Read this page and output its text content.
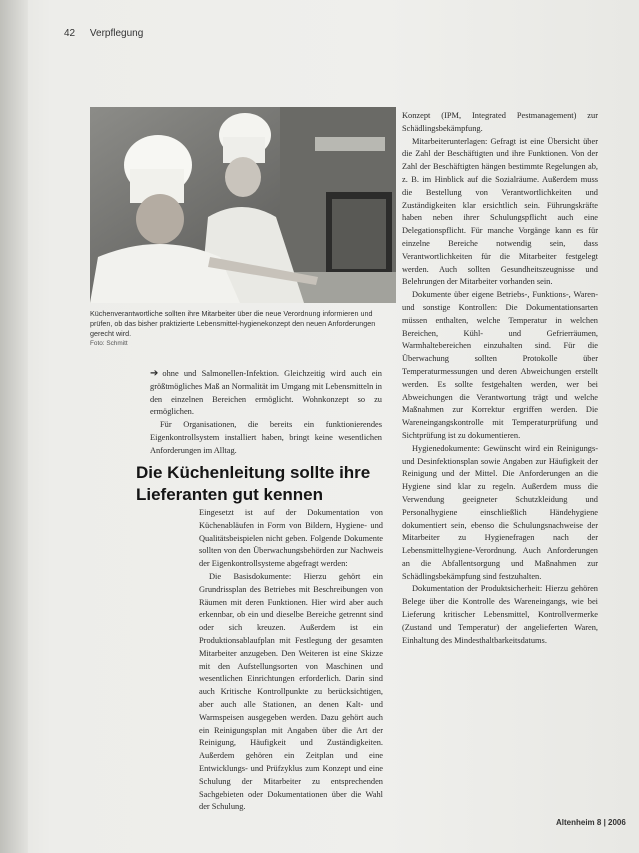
42 Verpflegung
Küchenverantwortliche sollten ihre Mitarbeiter über die neue Verordnung informieren und prüfen, ob das bisher praktizierte Lebensmittel-hygienekonzept den neuen Anforderungen gerecht wird.
Foto: Schmitt

➔ ohne und Salmonellen-Infektion. Gleichzeitig wird auch ein größtmögliches Maß an Normalität im Umgang mit Lebensmitteln in den einzelnen Bereichen ermöglicht. Wohnkonzept so zu ermöglichen.

Für Organisationen, die bereits ein funktionierendes Eigenkontrollsystem installiert haben, bringt keine wesentlichen Anforderungen im Alltag.

Die Küchenleitung sollte ihre Lieferanten gut kennen

Eingesetzt ist auf der Dokumentation von Küchenabläufen in Form von Bildern, Hygiene- und Qualitätsbeispielen nicht geben. Folgende Dokumente sollten von den Überwachungsbehörden zur Nachweis der Eigenkontrollsysteme abgefragt werden:

Die Basisdokumente: Hierzu gehört ein Grundrissplan des Betriebes mit Beschreibungen von Räumen mit deren Funktionen. Hier wird aber auch erkennbar, ob ein und dieselbe Bereiche getrennt sind oder sich kreuzen. Außerdem ist ein Produktionsablaufplan mit Festlegung der gesamten Mitarbeiter anzugeben. Den Weiteren ist eine Skizze mit den Aufstellungsorten von Maschinen und wesentlichen Einrichtungen erforderlich. Darin sind auch Kritische Kontrollpunkte zu berücksichtigen, aber auch alle Stationen, an denen Kalt- und Warmspeisen ausgegeben werden. Dazu gehört auch ein Reinigungsplan mit Angaben über die Art der Reinigung, Häufigkeit und Zuständigkeiten. Außerdem gehören ein Zeitplan und eine Entwicklungs- und Prüfzyklus zum Konzept und eine Schulung der Mitarbeiter zu entsprechenden Sachgebieten oder Dokumentationen über die Wahl der Schulung.

Konzept (IPM, Integrated Pestmanagement) zur Schädlingsbekämpfung.

Mitarbeiterunterlagen: Gefragt ist eine Übersicht über die Zahl der Beschäftigten und ihre Funktionen. Von der Zahl der Beschäftigten hängen bestimmte Regelungen ab, z. B. im Hinblick auf die Sozialräume. Außerdem muss die Bestellung von Verantwortlichkeiten und Zuständigkeiten klar ersichtlich sein. Führungskräfte haben neben ihrer Schulungspflicht auch eine Delegationspflicht. Für manche Vorgänge kann es für einzelne Bereiche notwendig sein, dass Verantwortlichkeiten für die Mitarbeiter festgelegt werden. Auch sollten Gesundheitszeugnisse und Belehrungen der Mitarbeiter vorhanden sein.

Dokumente über eigene Betriebs-, Funktions-, Waren- und sonstige Kontrollen: Die Dokumentationsarten müssen enthalten, welche Temperatur in welchen Bereichen, Kühl- und Gefrierräumen, Warmhaltebereichen einzuhalten sind. Für die Überwachung sollten Protokolle über Temperaturmessungen und deren Abweichungen erstellt werden. Es sollte festgehalten werden, wer bei Abweichungen die Verantwortung trägt und welche Maßnahmen zur Korrektur ergriffen werden. Die Wareneingangskontrolle mit Temperaturprüfung und Sichtprüfung ist zu dokumentieren.

Hygienedokumente: Gewünscht wird ein Reinigungs- und Desinfektionsplan sowie Angaben zur Häufigkeit der Reinigung und der Mittel. Die Anforderungen an die Hygiene sind klar zu regeln. Außerdem muss die Verwendung geeigneter Schutzkleidung und Personalhygiene einschließlich Händehygiene dokumentiert sein, ebenso die Schulungsnachweise der Mitarbeiter zu Hygienefragen nach der Lebensmittelhygiene-Verordnung. Auch Anforderungen an die Abfallentsorgung und Maßnahmen zur Schädlingsbekämpfung sind festzuhalten.

Dokumentation der Produktsicherheit: Hierzu gehören Belege über die Kontrolle des Wareneingangs, wie bei Lieferung kritischer Lebensmittel, Kontrollvermerke (Zustand und Temperatur) der angelieferten Waren, Einhaltung des Mindesthaltbarkeitsdatums.

Altenheim 8 | 2006
